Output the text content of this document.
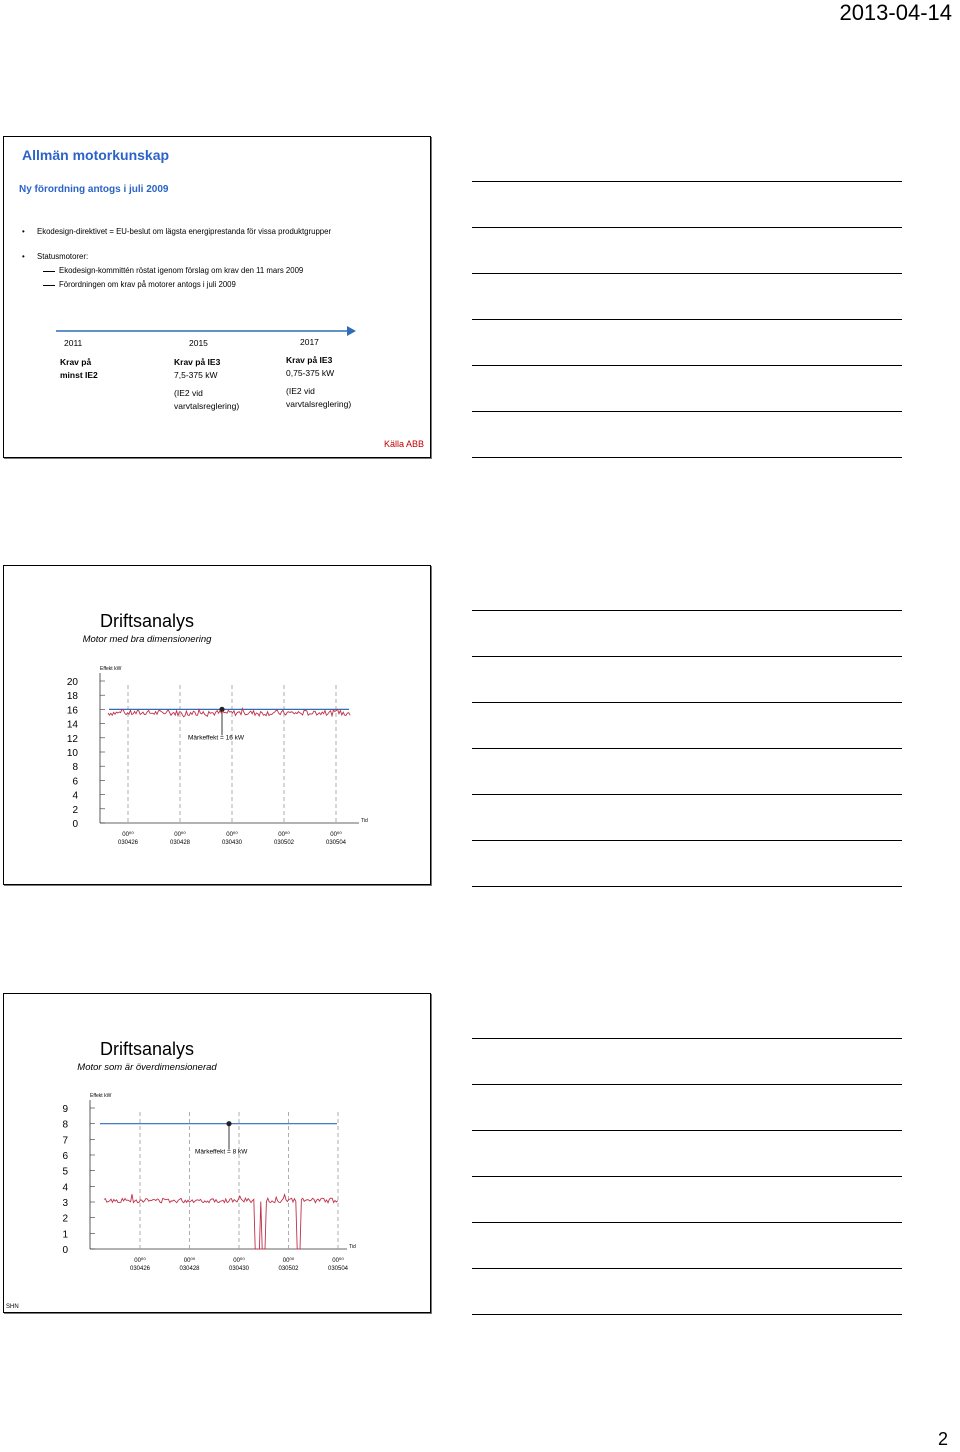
2013-04-14
Allmän motorkunskap
Ny förordning antogs i juli 2009
• Ekodesign-direktivet = EU-beslut om lägsta energiprestanda för vissa produktgrupper
• Statusmotorer:
Ekodesign-kommittén röstat igenom förslag om krav den 11 mars 2009
Förordningen om krav på motorer antogs i juli 2009
2011	2015	2017
Krav på
minst IE2
Krav på IE3
7,5-375 kW
(IE2 vid
varvtalsreglering)
Krav på IE3
0,75-375 kW
(IE2 vid
varvtalsreglering)
Källa ABB
Driftsanalys
Motor med bra dimensionering
Effekt kW
Tid
20
18
16
14
12
10
8
6
4
2
0
00⁰⁰
030426
00⁰⁰
030428
00⁰⁰
030430
00⁰⁰
030502
00⁰⁰
030504
Märkeffekt = 16 kW
Driftsanalys
Motor som är överdimensionerad
Effekt kW
Tid
9
8
7
6
5
4
3
2
1
0
00⁰⁰
030426
00⁰⁰
030428
00⁰⁰
030430
00⁰⁰
030502
00⁰⁰
030504
Märkeffekt = 8 kW
SHN
2
